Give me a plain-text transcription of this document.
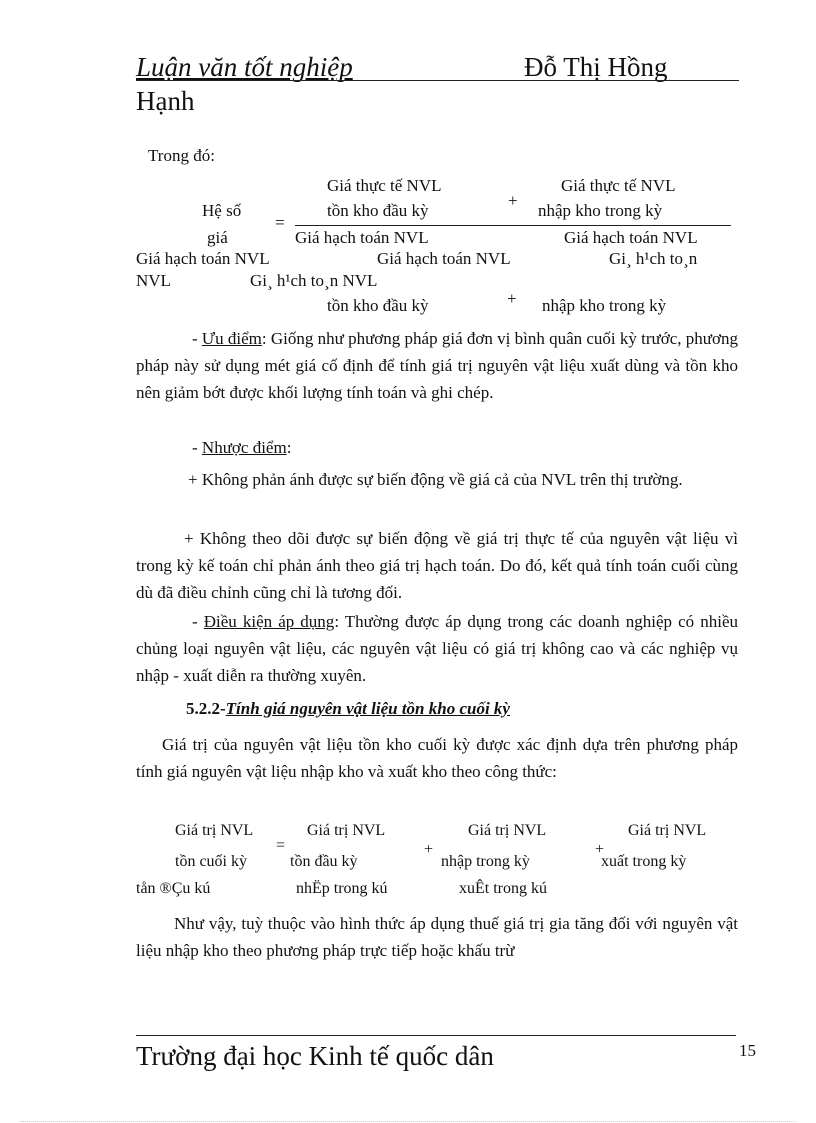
Luận văn tốt nghiệp	Đỗ Thị Hồng
Hạnh
Trong đó:
Giá thực tế NVL	Giá thực tế NVL
Hệ số	tồn kho đầu kỳ
+
nhập kho trong kỳ
=
giá	Giá hạch toán NVL	Giá hạch toán NVL
Giá hạch toán NVL	Giá hạch toán NVL	Gi¸ h¹ch to¸n
NVL	Gi¸ h¹ch to¸n NVL
tồn kho đầu kỳ	+ nhập kho trong kỳ
- Ưu điểm: Giống như phương pháp giá đơn vị bình quân cuối kỳ trước, phương pháp này sử dụng mét giá cố định để tính giá trị nguyên vật liệu xuất dùng và tồn kho nên giảm bớt được khối lượng tính toán và ghi chép.
- Nhược điểm:
+ Không phản ánh được sự biến động về giá cả của NVL trên thị trường.
+ Không theo dõi được sự biến động về giá trị thực tế của nguyên vật liệu vì trong kỳ kế toán chỉ phản ánh theo giá trị hạch toán. Do đó, kết quả tính toán cuối cùng dù đã điều chỉnh cũng chỉ là tương đối.
- Điều kiện áp dụng: Thường được áp dụng trong các doanh nghiệp có nhiều chủng loại nguyên vật liệu, các nguyên vật liệu có giá trị không cao và các nghiệp vụ nhập - xuất diễn ra thường xuyên.
5.2.2-Tính giá nguyên vật liệu tồn kho cuối kỳ
Giá trị của nguyên vật liệu tồn kho cuối kỳ được xác định dựa trên phương pháp tính giá nguyên vật liệu nhập kho và xuất kho theo công thức:
Giá trị NVL	Giá trị NVL	Giá trị NVL	Giá trị NVL
=	+	+
tồn cuối kỳ	tồn đầu kỳ	nhập trong kỳ	xuất trong kỳ
tån ®Çu kú	nhËp trong kú	xuÊt trong kú
Như vậy, tuỳ thuộc vào hình thức áp dụng thuế giá trị gia tăng đối với nguyên vật liệu nhập kho theo phương pháp trực tiếp hoặc khấu trừ
Trường đại học Kinh tế quốc dân	15
